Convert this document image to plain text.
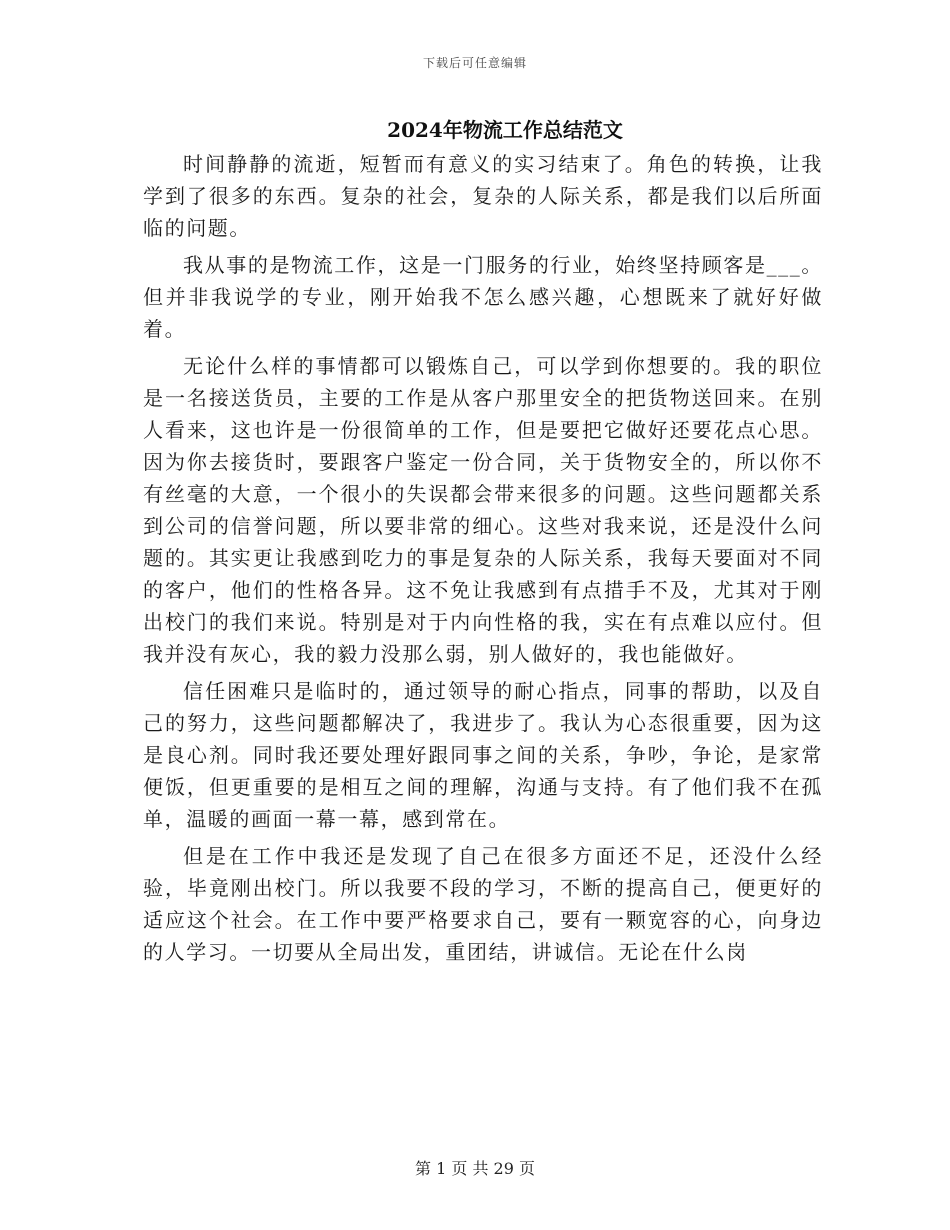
下载后可任意编辑
2024年物流工作总结范文

时间静静的流逝，短暂而有意义的实习结束了。角色的转换，让我学到了很多的东西。复杂的社会，复杂的人际关系，都是我们以后所面临的问题。

我从事的是物流工作，这是一门服务的行业，始终坚持顾客是___。但并非我说学的专业，刚开始我不怎么感兴趣，心想既来了就好好做着。

无论什么样的事情都可以锻炼自己，可以学到你想要的。我的职位是一名接送货员，主要的工作是从客户那里安全的把货物送回来。在别人看来，这也许是一份很简单的工作，但是要把它做好还要花点心思。因为你去接货时，要跟客户鉴定一份合同，关于货物安全的，所以你不有丝毫的大意，一个很小的失误都会带来很多的问题。这些问题都关系到公司的信誉问题，所以要非常的细心。这些对我来说，还是没什么问题的。其实更让我感到吃力的事是复杂的人际关系，我每天要面对不同的客户，他们的性格各异。这不免让我感到有点措手不及，尤其对于刚出校门的我们来说。特别是对于内向性格的我，实在有点难以应付。但我并没有灰心，我的毅力没那么弱，别人做好的，我也能做好。

信任困难只是临时的，通过领导的耐心指点，同事的帮助，以及自己的努力，这些问题都解决了，我进步了。我认为心态很重要，因为这是良心剂。同时我还要处理好跟同事之间的关系，争吵，争论，是家常便饭，但更重要的是相互之间的理解，沟通与支持。有了他们我不在孤单，温暖的画面一幕一幕，感到常在。

但是在工作中我还是发现了自己在很多方面还不足，还没什么经验，毕竟刚出校门。所以我要不段的学习，不断的提高自己，便更好的适应这个社会。在工作中要严格要求自己，要有一颗宽容的心，向身边的人学习。一切要从全局出发，重团结，讲诚信。无论在什么岗

第 1 页 共 29 页
